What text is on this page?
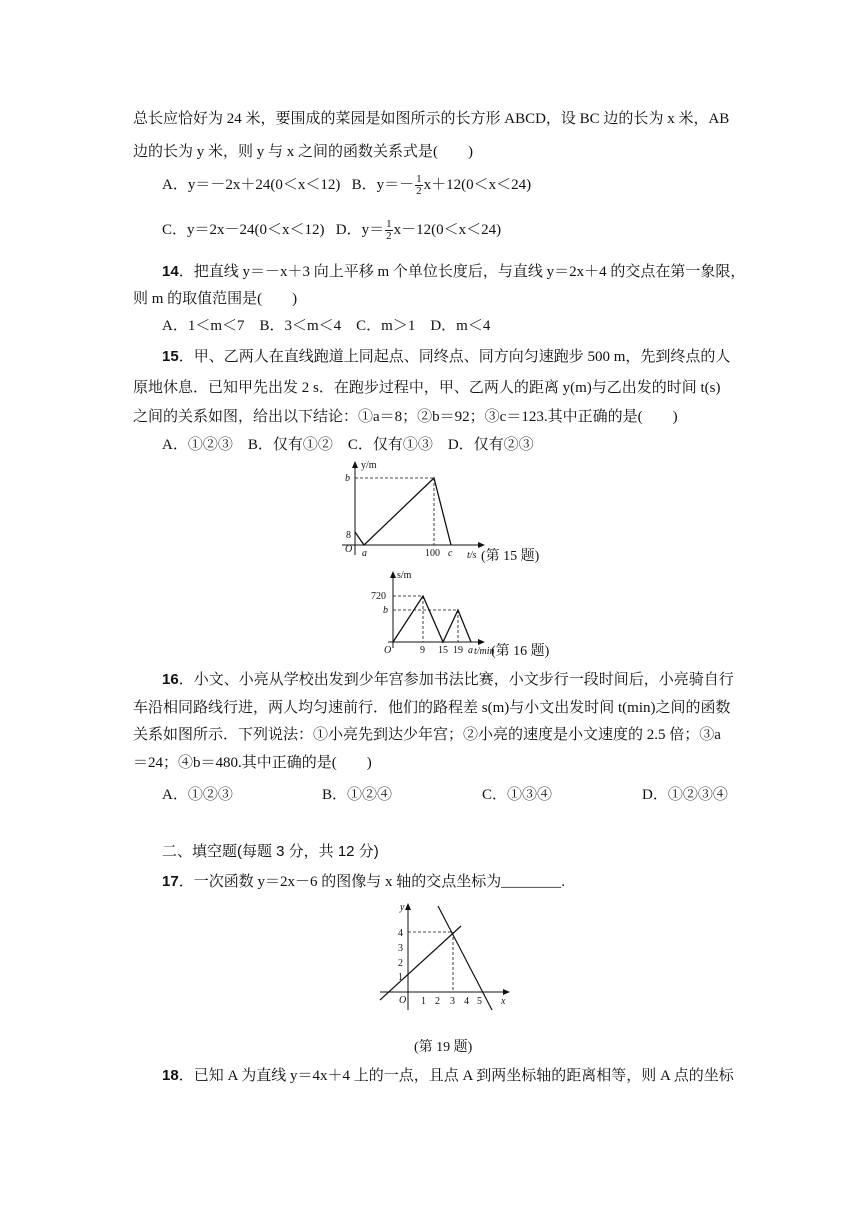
总长应恰好为 24 米，要围成的菜园是如图所示的长方形 ABCD，设 BC 边的长为 x 米，AB
边的长为 y 米，则 y 与 x 之间的函数关系式是(　　)
A．y＝－2x＋24(0＜x＜12) B．$y=- \frac{1}{2} x+12(0<x<24)$
C．y＝2x－24(0＜x＜12) D．$y= \frac{1}{2} x-12(0<x<24)$
14．把直线 y＝－x＋3 向上平移 m 个单位长度后，与直线 y＝2x＋4 的交点在第一象限，
则 m 的取值范围是(　　)
A．1＜m＜7　B．3＜m＜4　C．m＞1　D．m＜4
15．甲、乙两人在直线跑道上同起点、同终点、同方向匀速跑步 500 m，先到终点的人
原地休息．已知甲先出发 2 s．在跑步过程中，甲、乙两人的距离 y(m)与乙出发的时间 t(s)
之间的关系如图，给出以下结论：①a＝8；②b＝92；③c＝123.其中正确的是(　　)
A．①②③　B．仅有①②　C．仅有①③　D．仅有②③
y/m
b
8
O a	100 c t/s (第 15 题)
s/m
720
b
O	9 15 19 a t/min
(第 16 题)
16．小文、小亮从学校出发到少年宫参加书法比赛，小文步行一段时间后，小亮骑自行
车沿相同路线行进，两人均匀速前行．他们的路程差 s(m)与小文出发时间 t(min)之间的函数
关系如图所示．下列说法：①小亮先到达少年宫；②小亮的速度是小文速度的 2.5 倍；③a
＝24；④b＝480.其中正确的是(　　)
A．①②③	B．①②④	C．①③④	D．①②③④
二、填空题(每题 3 分，共 12 分)
17．一次函数 y＝2x－6 的图像与 x 轴的交点坐标为________.
y
4
3
2
1
O 1 2 3 4 5 x
(第 19 题)
18．已知 A 为直线 y＝4x＋4 上的一点，且点 A 到两坐标轴的距离相等，则 A 点的坐标
